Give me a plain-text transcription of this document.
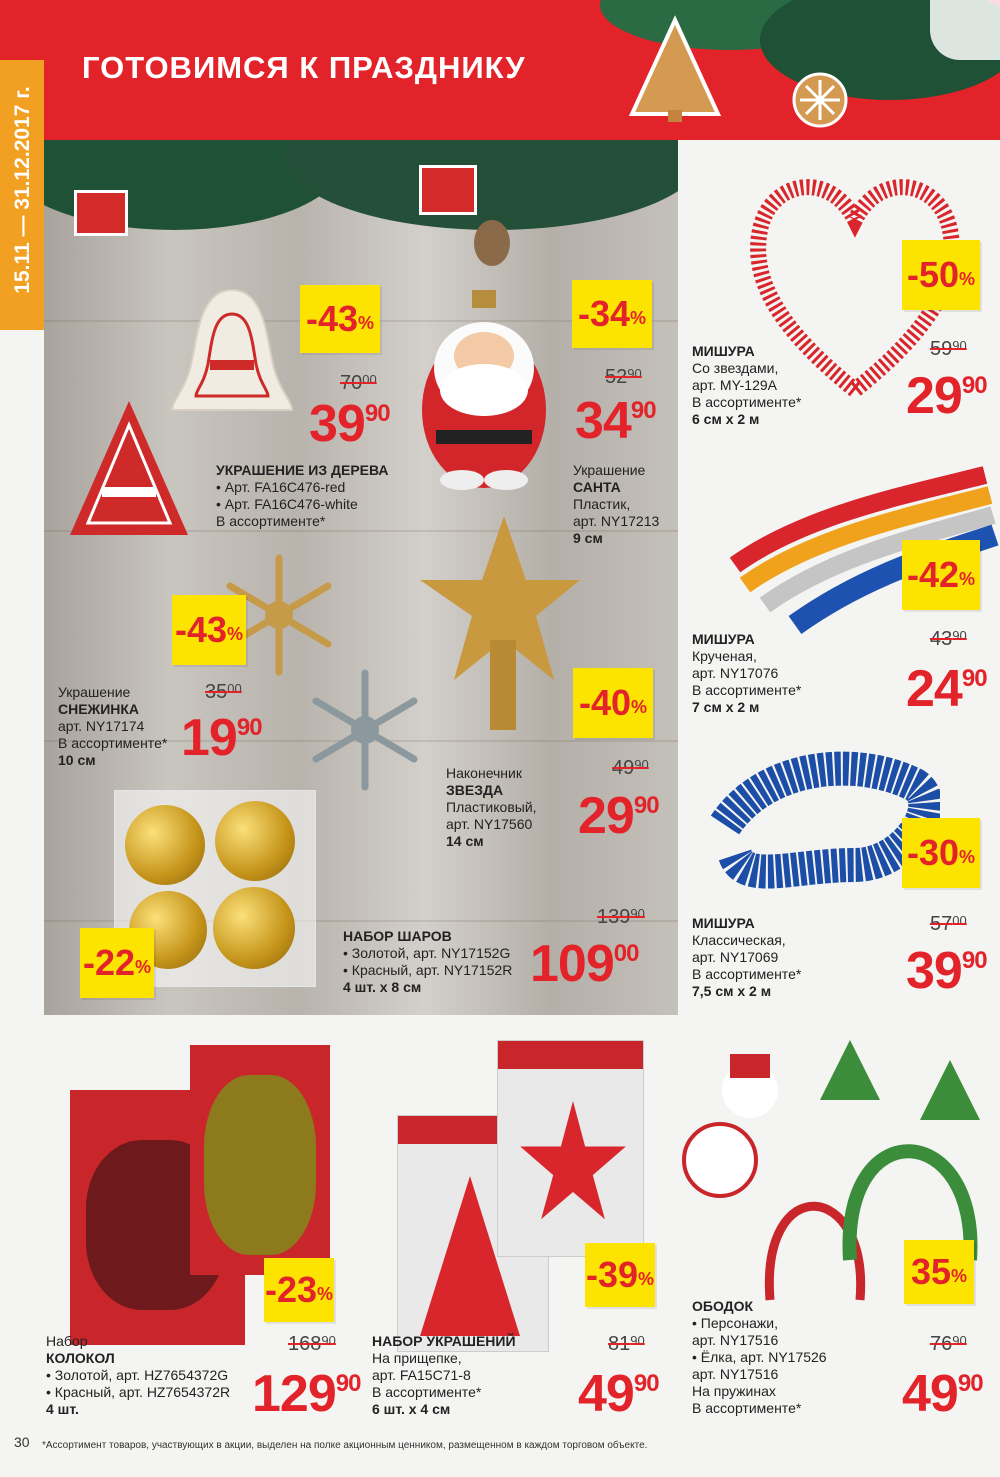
ГОТОВИМСЯ К ПРАЗДНИКУ
15.11 — 31.12.2017 г.
-43%
$70^{00}$
$39^{90}$
УКРАШЕНИЕ ИЗ ДЕРЕВА
• Арт. FA16C476-red
• Арт. FA16C476-white
В ассортименте*
-34%
$52^{90}$
$34^{90}$
Украшение
САНТА
Пластик,
арт. NY17213
9 см
-43%
$35^{00}$
$19^{90}$
Украшение
СНЕЖИНКА
арт. NY17174
В ассортименте*
10 см
-40%
$49^{90}$
$29^{90}$
Наконечник
ЗВЕЗДА
Пластиковый,
арт. NY17560
14 см
-22%
$139^{90}$
$109^{00}$
НАБОР ШАРОВ
• Золотой, арт. NY17152G
• Красный, арт. NY17152R
4 шт. х 8 см
-50%
$59^{90}$
$29^{90}$
МИШУРА
Со звездами,
арт. MY-129A
В ассортименте*
6 см х 2 м
-42%
$43^{90}$
$24^{90}$
МИШУРА
Крученая,
арт. NY17076
В ассортименте*
7 см х 2 м
-30%
$57^{00}$
$39^{90}$
МИШУРА
Классическая,
арт. NY17069
В ассортименте*
7,5 см х 2 м
-23%
$168^{90}$
$129^{90}$
Набор
КОЛОКОЛ
• Золотой, арт. HZ7654372G
• Красный, арт. HZ7654372R
4 шт.
-39%
$81^{90}$
$49^{90}$
НАБОР УКРАШЕНИЙ
На прищепке,
арт. FA15C71-8
В ассортименте*
6 шт. х 4 см
35%
$76^{90}$
$49^{90}$
ОБОДОК
• Персонажи,
арт. NY17516
• Ёлка, арт. NY17526
арт. NY17516
На пружинах
В ассортименте*
30 *Ассортимент товаров, участвующих в акции, выделен на полке акционным ценником, размещенном в каждом торговом объекте.
